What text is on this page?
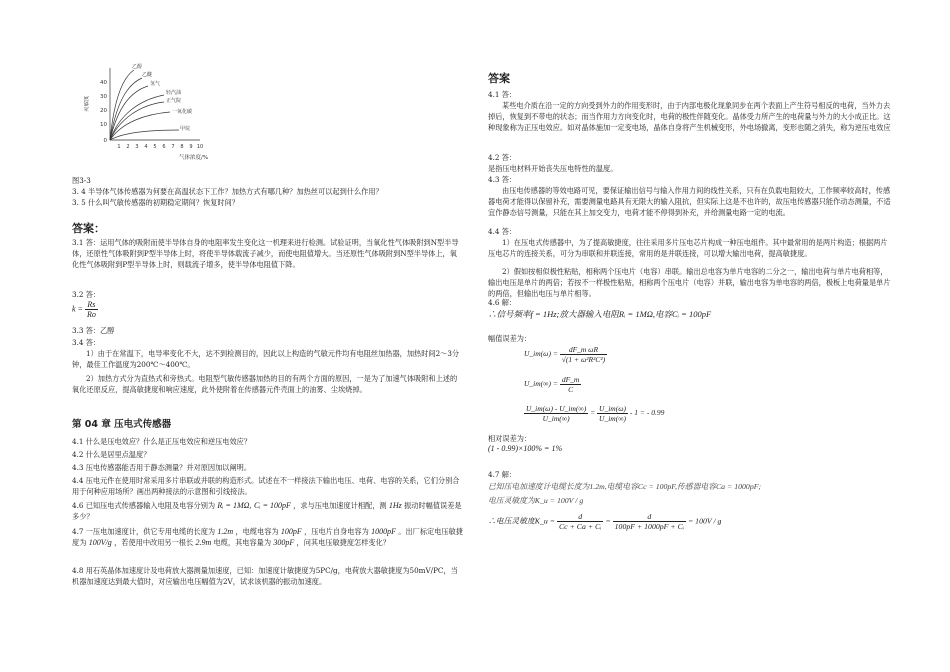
灵敏度
40
30
20
10
0
1 2 3 4 5 6 7 8 9 10
气体浓度/%
乙醇
乙醚
氢气
轻汽油
正气院
一氧化碳
甲烷

图3-3

3. 4 半导体气体传感器为何要在高温状态下工作？加热方式有哪几种？加热丝可以起到什么作用？

3. 5 什么叫气敏传感器的初期稳定期间？恢复时间？

答案：

3.1 答：运用气体的吸附而使半导体自身的电阻率发生变化这一机理来进行检测。试验证明，当氧化性气体吸附到N型半导体，还原性气体吸附到P型半导体上时，将使半导体载流子减少，而使电阻值增大。当还原性气体吸附到N型半导体上，氧化性气体吸附到P型半导体上时，则载流子增多，使半导体电阻值下降。

3.2 答：

$k = \frac{Rs}{Ro}$

3.3 答：乙醇

3.4 答：

1）由于在常温下，电导率变化不大，达不到检测目的，因此以上构造的气敏元件均有电阻丝加热器，加热时间2～3分钟，最佳工作温度为200℃～400℃。

2）加热方式分为直热式和旁热式。电阻型气敏传感器加热的目的有两个方面的原因，一是为了加速气体吸附和上述的氧化还原反应，提高敏捷度和响应速度，此外使附着在传感器元件壳面上的油雾、尘埃烧掉。

第 04 章 压电式传感器

4.1 什么是压电效应？什么是正压电效应和逆压电效应？

4.2 什么是居里点温度？

4.3 压电传感器能否用于静态测量？并对原因加以阐明。

4.4 压电元件在使用时常采用多片串联或并联的构造形式。试述在不一样接法下输出电压、电荷、电容的关系，它们分别合用于何种应用场所？画出两种接法的示意图和引线接法。

4.6 已知压电式传感器输入电阻及电容分别为 Rᵢ = 1MΩ, Cᵢ = 100pF ，求与压电加速度计相配，测 1Hz 振动时幅值误差是多少？

4.7 一压电加速度计，供它专用电缆的长度为 1.2m ，电缆电容为 100pF ，压电片自身电容为 1000pF 。出厂标定电压敏捷度为 100V/g ，若使用中改用另一根长 2.9m 电缆，其电容量为 300pF ，问其电压敏捷度怎样变化？

4.8 用石英晶体加速度计及电荷放大器测量加速度，已知：加速度计敏捷度为5PC/g，电荷放大器敏捷度为50mV/PC，当机器加速度达到最大值时，对应输出电压幅值为2V，试求该机器的振动加速度。

答案

4.1 答：

某些电介质在沿一定的方向受到外力的作用变形时，由于内部电极化现象同步在两个表面上产生符号相反的电荷，当外力去掉后，恢复到不带电的状态；而当作用力方向变化时，电荷的极性伴随变化。晶体受力所产生的电荷量与外力的大小成正比。这种现象称为正压电效应。如对晶体施加一定变电场，晶体自身将产生机械变形，外电场撤离，变形也随之消失，称为逆压电效应

4.2 答：

是指压电材料开始丧失压电特性的温度。

4.3 答：

由压电传感器的等效电路可见，要保证输出信号与输入作用力间的线性关系，只有在负载电阻较大，工作频率较高时，传感器电荷才能得以保留补充，需要测量电路具有无限大的输入阻抗，但实际上这是不也许的，故压电传感器只能作动态测量，不适宜作静态信号测量，只能在其上加交变力，电荷才能不停得到补充，并给测量电路一定的电流。

4.4 答：

1）在压电式传感器中，为了提高敏捷度，往往采用多片压电芯片构成一种压电组件。其中最常用的是两片构造；根据两片压电芯片的连接关系，可分为串联和并联连接，常用的是并联连接，可以增大输出电荷，提高敏捷度。

2）假如按相似极性粘贴，相称两个压电片（电容）串联。输出总电容为单片电容的二分之一，输出电荷与单片电荷相等，输出电压是单片的两倍；若按不一样极性粘贴，相称两个压电片（电容）并联，输出电容为单电容的两倍，极板上电荷量是单片的两倍，但输出电压与单片相等。

4.6 解：

∴信号频率f = 1Hz;放大器输入电阻Rᵢ = 1MΩ,电容Cᵢ = 100pF

幅值误差为：

U_im(ω) = $\frac{\text{dF\_m ωR}}{\text{√(1 + ω²R²C²)}}$
U_im(∞) = $\frac{dF\_m}{C}$
$\frac{U\_im(\omega) - U\_im(\infty)}{U\_im(\infty)} = \frac{U\_im(\omega)}{U\_im(\infty)} - 1$ = - 0.99

相对误差为：

(1 - 0.99)×100% = 1%

4.7 解：

已知压电加速度计电缆长度为1.2m,电缆电容Cc = 100pF,传感器电容Ca = 1000pF;
电压灵敏度为K_u = 100V / g
∴电压灵敏度K_u = $\frac{d}{\text{Cc + Ca + Cᵢ}} = \frac{d}{\text{100pF + 1000pF + Cᵢ}} = 100V / g$
